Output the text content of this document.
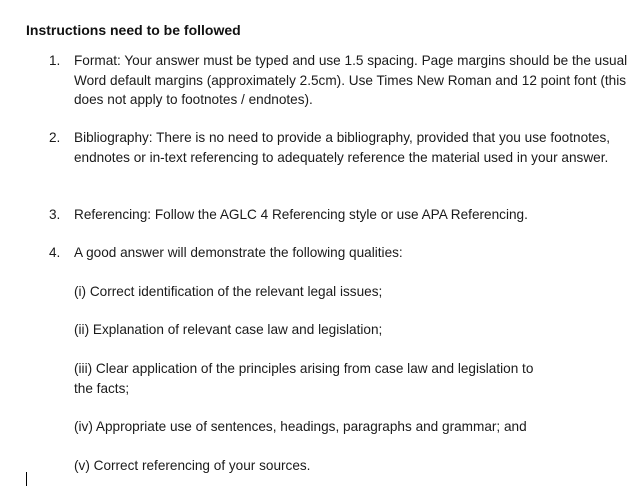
Instructions need to be followed
1.	Format: Your answer must be typed and use 1.5 spacing. Page margins should be the usual Word default margins (approximately 2.5cm). Use Times New Roman and 12 point font (this does not apply to footnotes / endnotes).
2.	Bibliography: There is no need to provide a bibliography, provided that you use footnotes, endnotes or in-text referencing to adequately reference the material used in your answer.
3.	Referencing: Follow the AGLC 4 Referencing style or use APA Referencing.
4.	A good answer will demonstrate the following qualities:
(i) Correct identification of the relevant legal issues;
(ii) Explanation of relevant case law and legislation;
(iii) Clear application of the principles arising from case law and legislation to the facts;
(iv) Appropriate use of sentences, headings, paragraphs and grammar; and
(v) Correct referencing of your sources.
